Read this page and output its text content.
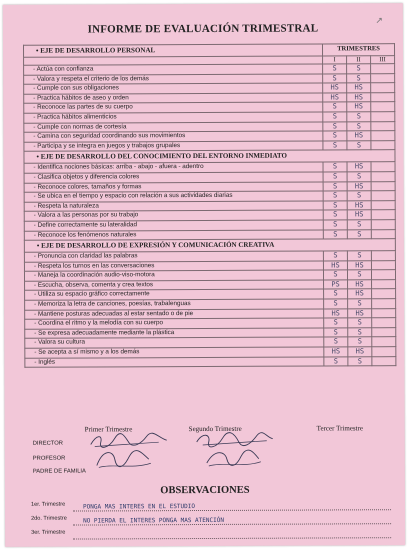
↗
INFORME DE EVALUACIÓN TRIMESTRAL
• EJE DE DESARROLLO PERSONAL	TRIMESTRES		
	I	II	III
- Actúa con confianza	S	S	
- Valora y respeta el criterio de los demás	S	S	
- Cumple con sus obligaciones	HS	HS	
- Practica hábitos de aseo y orden	HS	HS	
- Reconoce las partes de su cuerpo	S	HS	
- Practica hábitos alimenticios	S	S	
- Cumple con normas de cortesía	S	S	
- Camina con seguridad coordinando sus movimientos	S	HS	
- Participa y se integra en juegos y trabajos grupales	S	S	
• EJE DE DESARROLLO DEL CONOCIMIENTO DEL ENTORNO INMEDIATO			
- Identifica nociones básicas: arriba - abajo - afuera - adentro	S	HS	
- Clasifica objetos y diferencia colores	S	S	
- Reconoce colores, tamaños y formas	S	HS	
- Se ubica en el tiempo y espacio con relación a sus actividades diarias	S	S	
- Respeta la naturaleza	S	HS	
- Valora a las personas por su trabajo	S	HS	
- Define correctamente su lateralidad	S	S	
- Reconoce los fenómenos naturales	S	S	
• EJE DE DESARROLLO DE EXPRESIÓN Y COMUNICACIÓN CREATIVA			
- Pronuncia con claridad las palabras	S	S	
- Respeta los turnos en las conversaciones	HS	HS	
- Maneja la coordinación audio-viso-motora	S	S	
- Escucha, observa, comenta y crea textos	PS	HS	
- Utiliza su espacio gráfico correctamente	S	HS	
- Memoriza la letra de canciones, poesías, trabalenguas	S	S	
- Mantiene posturas adecuadas al estar sentado o de pie	HS	HS	
- Coordina el ritmo y la melodía con su cuerpo	S	S	
- Se expresa adecuadamente mediante la plástica	S	S	
- Valora su cultura	S	S	
- Se acepta a sí mismo y a los demás	HS	HS	
- Inglés	S	S	
Primer Trimestre	Segundo Trimestre	Tercer Trimestre
DIRECTOR
PROFESOR
PADRE DE FAMILIA
OBSERVACIONES
1er. Trimestre	PONGA MAS INTERES EN EL ESTUDIO
2do. Trimestre	NO PIERDA EL INTERES PONGA MAS ATENCIÓN
3er. Trimestre
